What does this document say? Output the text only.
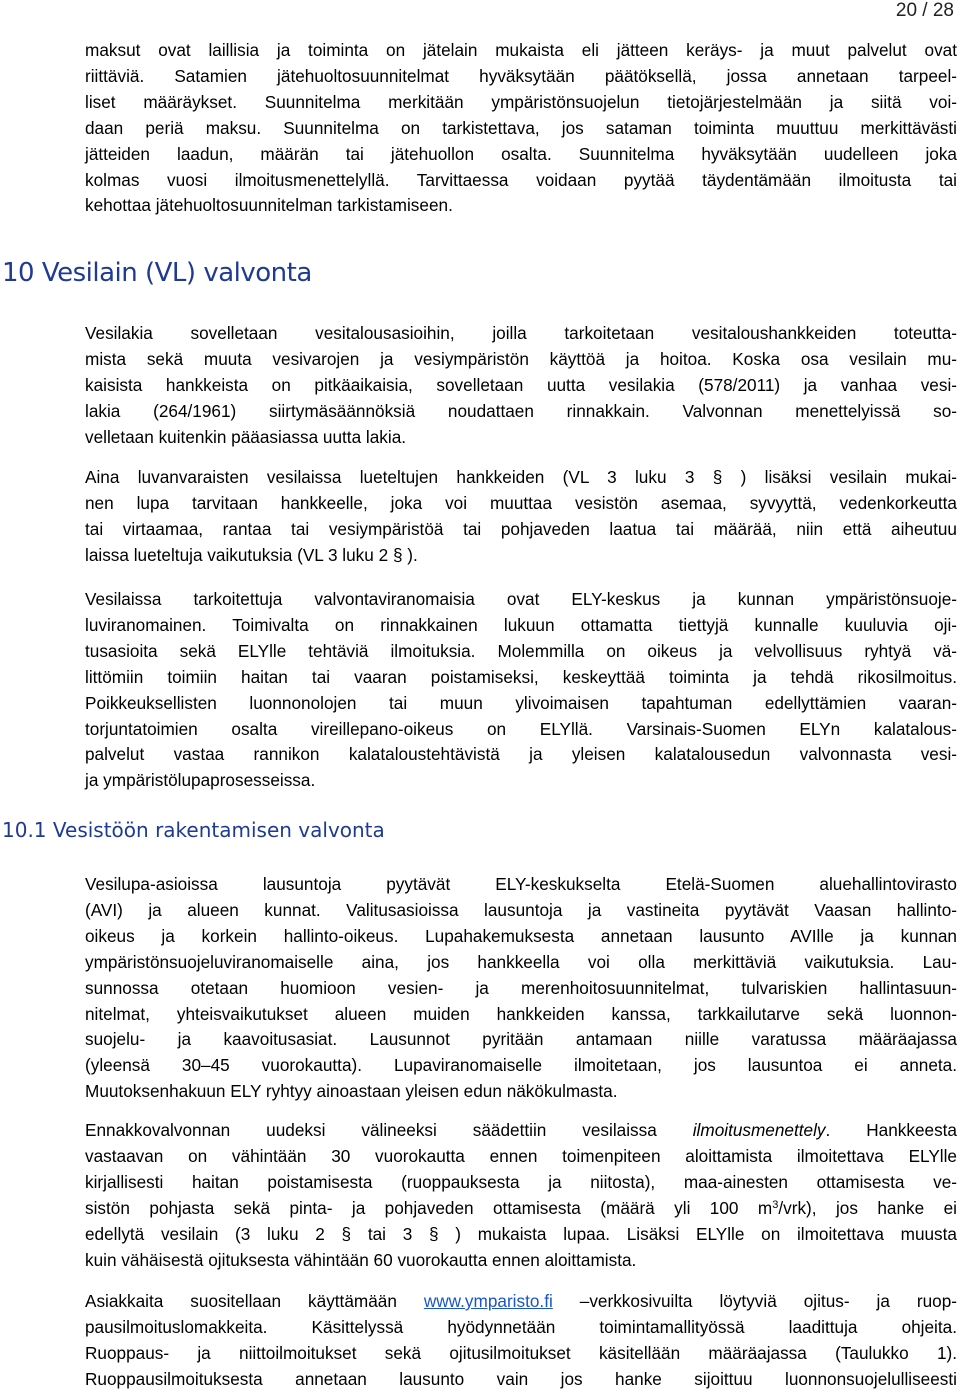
20 / 28

maksut ovat laillisia ja toiminta on jätelain mukaista eli jätteen keräys- ja muut palvelut ovat
riittäviä. Satamien jätehuoltosuunnitelmat hyväksytään päätöksellä, jossa annetaan tarpeel-
liset määräykset. Suunnitelma merkitään ympäristönsuojelun tietojärjestelmään ja siitä voi-
daan periä maksu. Suunnitelma on tarkistettava, jos sataman toiminta muuttuu merkittävästi
jätteiden laadun, määrän tai jätehuollon osalta. Suunnitelma hyväksytään uudelleen joka
kolmas vuosi ilmoitusmenettelyllä. Tarvittaessa voidaan pyytää täydentämään ilmoitusta tai
kehottaa jätehuoltosuunnitelman tarkistamiseen.

10 Vesilain (VL) valvonta

Vesilakia sovelletaan vesitalousasioihin, joilla tarkoitetaan vesitaloushankkeiden toteutta-
mista sekä muuta vesivarojen ja vesiympäristön käyttöä ja hoitoa. Koska osa vesilain mu-
kaisista hankkeista on pitkäaikaisia, sovelletaan uutta vesilakia (578/2011) ja vanhaa vesi-
lakia (264/1961) siirtymäsäännöksiä noudattaen rinnakkain. Valvonnan menettelyissä so-
velletaan kuitenkin pääasiassa uutta lakia.

Aina luvanvaraisten vesilaissa lueteltujen hankkeiden (VL 3 luku 3 § ) lisäksi vesilain mukai-
nen lupa tarvitaan hankkeelle, joka voi muuttaa vesistön asemaa, syvyyttä, vedenkorkeutta
tai virtaamaa, rantaa tai vesiympäristöä tai pohjaveden laatua tai määrää, niin että aiheutuu
laissa lueteltuja vaikutuksia (VL 3 luku 2 § ).

Vesilaissa tarkoitettuja valvontaviranomaisia ovat ELY-keskus ja kunnan ympäristönsuoje-
luviranomainen. Toimivalta on rinnakkainen lukuun ottamatta tiettyjä kunnalle kuuluvia oji-
tusasioita sekä ELYlle tehtäviä ilmoituksia. Molemmilla on oikeus ja velvollisuus ryhtyä vä-
littömiin toimiin haitan tai vaaran poistamiseksi, keskeyttää toiminta ja tehdä rikosilmoitus.
Poikkeuksellisten luonnonolojen tai muun ylivoimaisen tapahtuman edellyttämien vaaran-
torjuntatoimien osalta vireillepano-oikeus on ELYllä. Varsinais-Suomen ELYn kalatalous-
palvelut vastaa rannikon kalataloustehtävistä ja yleisen kalatalousedun valvonnasta vesi-
ja ympäristölupaprosesseissa.

10.1 Vesistöön rakentamisen valvonta

Vesilupa-asioissa lausuntoja pyytävät ELY-keskukselta Etelä-Suomen aluehallintovirasto
(AVI) ja alueen kunnat. Valitusasioissa lausuntoja ja vastineita pyytävät Vaasan hallinto-
oikeus ja korkein hallinto-oikeus. Lupahakemuksesta annetaan lausunto AVIlle ja kunnan
ympäristönsuojeluviranomaiselle aina, jos hankkeella voi olla merkittäviä vaikutuksia. Lau-
sunnossa otetaan huomioon vesien- ja merenhoitosuunnitelmat, tulvariskien hallintasuun-
nitelmat, yhteisvaikutukset alueen muiden hankkeiden kanssa, tarkkailutarve sekä luonnon-
suojelu- ja kaavoitusasiat. Lausunnot pyritään antamaan niille varatussa määräajassa
(yleensä 30–45 vuorokautta). Lupaviranomaiselle ilmoitetaan, jos lausuntoa ei anneta.
Muutoksenhakuun ELY ryhtyy ainoastaan yleisen edun näkökulmasta.

Ennakkovalvonnan uudeksi välineeksi säädettiin vesilaissa ilmoitusmenettely. Hankkeesta
vastaavan on vähintään 30 vuorokautta ennen toimenpiteen aloittamista ilmoitettava ELYlle
kirjallisesti haitan poistamisesta (ruoppauksesta ja niitosta), maa-ainesten ottamisesta ve-
sistön pohjasta sekä pinta- ja pohjaveden ottamisesta (määrä yli 100 $m^3/vrk$), jos hanke ei
edellytä vesilain (3 luku 2 § tai 3 § ) mukaista lupaa. Lisäksi ELYlle on ilmoitettava muusta
kuin vähäisestä ojituksesta vähintään 60 vuorokautta ennen aloittamista.

Asiakkaita suositellaan käyttämään www.ymparisto.fi –verkkosivuilta löytyviä ojitus- ja ruop-
pausilmoituslomakkeita. Käsittelyssä hyödynnetään toimintamallityössä laadittuja ohjeita.
Ruoppaus- ja niittoilmoitukset sekä ojitusilmoitukset käsitellään määräajassa (Taulukko 1).
Ruoppausilmoituksesta annetaan lausunto vain jos hanke sijoittuu luonnonsuojelulliseesti
